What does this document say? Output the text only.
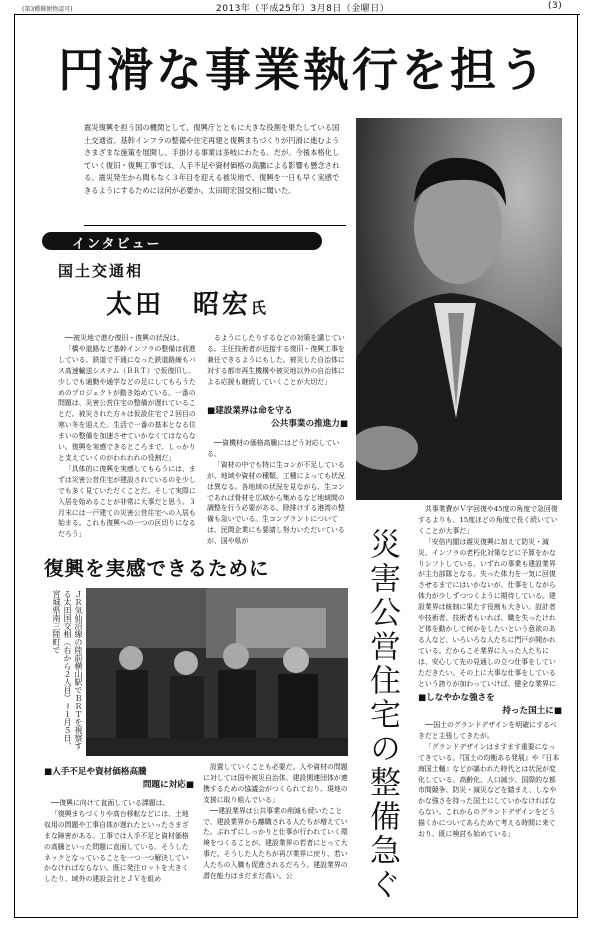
(第3種郵便物認可)	2013年（平成25年）3月8日（金曜日）	(3)
円滑な事業執行を担う
震災復興を担う国の機関として、復興庁とともに大きな役割を果たしている国土交通省。基幹インフラの整備や住宅再建と復興まちづくりが円滑に進むようさまざまな施策を展開し、手掛ける事業は多岐にわたる。だが、今後本格化していく復旧・復興工事では、人手不足や資材価格の高騰による影響も懸念される。震災発生から間もなく３年目を迎える被災地で、復興を一日も早く実感できるようにするためには何が必要か。太田昭宏国交相に聞いた。
インタビュー
国土交通相
太田　昭宏氏

──被災地で進む復旧・復興の状況は。

「橋や道路など基幹インフラの整備は前進している。鉄道で不通になった鉄道路線もバス高速輸送システム（ＢＲＴ）で仮復旧し、少しでも通勤や通学などの足にしてもらうためのプロジェクトが動き始めている。一番の問題は、災害公営住宅の整備が遅れていることだ。被災された方々は仮設住宅で２回目の寒い冬を迎えた。生活で一番の基本となる住まいの整備を加速させていかなくてはならない。復興を実感できるところまで、しっかりと支えていくのがわれわれの役割だ」

「具体的に復興を実感してもらうには、まずは災害公営住宅が建設されているのを少しでも多く見ていただくことだ。そして実際に入居を始めることが非常に大事だと思う。３月末には一戸建ての災害公営住宅への入居も始まる。これも復興への一つの区切りになるだろう」

るようにしたりするなどの対策を講じている。主任技術者が近接する復旧・復興工事を兼任できるようにもした。被災した自治体に対する都市再生機構や被災地以外の自治体による応援も継続していくことが大切だ」

■建設業界は命を守る
公共事業の推進力■

──資機材の価格高騰にはどう対応している。

「資材の中でも特に生コンが不足しているが、地域や資材の種類、工種によっても状況は異なる。各地域の状況を見ながら、生コンであれば骨材を広域から集めるなど地域間の調整を行う必要がある。除排けする港湾の整備も急いでいる。生コンプラントについては、民間企業にも要請し努力いただいているが、国や県が

復興を実感できるために
ＪＲ気仙沼線の陸前横山駅でＢＲＴを視察する太田国交相（右から２人目）＝１月５日、宮城県南三陸町で	災害公営住宅の整備急ぐ

共事業費がＶ字回復や45度の角度で急回復するよりも、15度ほどの角度で長く続いていくことが大事だ」

「安倍内閣は震災復興に加えて防災・減災、インフラの老朽化対策などに予算をかなりシフトしている。いずれの事業も建設業界が主力部隊となる。失った体力を一気に回復させるまでにはいかないが、仕事をしながら体力が少しずつつくように期待している。建設業界は統制に果たす役割も大きい。設計者や技術者、技術者もいれば、職を失ったけれど体を動かして何かをしたいという意欲のある人など、いろいろな人たちに門戸が開かれている。だからこそ業界に入った人たちには、安心して先の見通しの立つ仕事をしていただきたい。その上に大事な仕事をしているという誇りが加わっていけば、健全な業界に

■しなやかな強さを
持った国土に■

──国土のグランドデザインを明確にするべきだと主張してきたが。

「グランドデザインはますます重要になってきている。『国土の均衡ある発展』や『日本海国土軸』などが謳われた時代とは状況が変化している。高齢化、人口減少、国際的な都市間競争、防災・減災などを踏まえ、しなやかな強さを持った国土にしていかなければならない。これからのグランドデザインをどう描くかについてあらためて考える時間に来ており、既に検討も始めている」

■人手不足や資材価格高騰
問題に対応■

──復興に向けて直面している課題は。

「復興まちづくりや高台移転などには、土地収用の問題や工事自体が遅れたといったさまざまな障害がある。工事では人手不足と資材価格の高騰といった問題に直面している。そうしたネックとなっていることを一つ一つ解決していかなければならない。既に発注ロットを大きくしたり、域外の建設会社とＪＶを組め

設置していくことも必要だ。人や資材の問題に対しては国や被災自治体、建設関連団体が連携するための協議会がつくられており、現地の支援に取り組んでいる」

──建設業界は公共事業の削減も続いたことで、建設業界から離職される人たちが増えていた。ぶれずにしっかりと仕事が行われていく環境をつくることが、建設業界の若者にとって大事だ。そうした人たちが再び業界に戻り、若い人たちの入職も促進されるだろう。建設業界の潜在能力はまだまだ高い。公
